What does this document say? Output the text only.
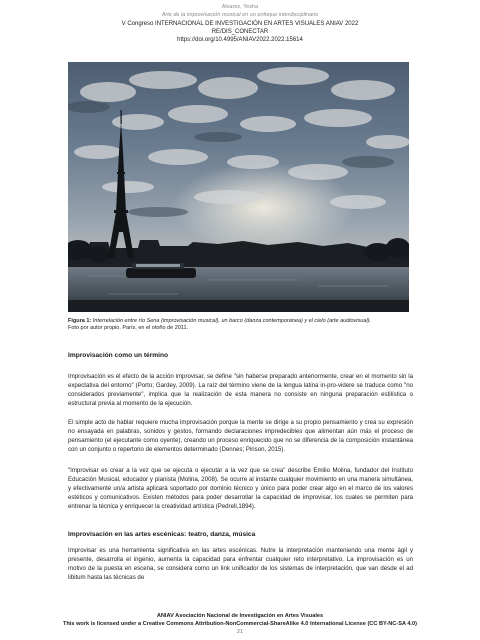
Alvarez, Yesha
Arte de la improvisación musical en un enfoque interdisciplinario
V Congreso INTERNACIONAL DE INVESTIGACIÓN EN ARTES VISUALES ANIAV 2022
RE/DIS_CONECTAR
https://doi.org/10.4995/ANIAV2022.2022.15614
Figura 1: Interrelación entre río Sena (improvisación musical), un barco (danza contemporánea) y el cielo (arte audiovisual).
Foto por autor propio. París, en el otoño de 2011.
Improvisación como un término
Improvisación es el efecto de la acción improvisar, se define "sin haberse preparado anteriormente, crear en el momento sin la expectativa del entorno" (Porto; Gardey, 2009). La raíz del término viene de la lengua latina in-pro-videre se traduce como "no considerados previamente", implica que la realización de esta manera no consiste en ninguna preparación estilística o estructural previa al momento de la ejecución.
El simple acto de hablar requiere mucha improvisación porque la mente se dirige a su propio pensamiento y crea su expresión no ensayada en palabras, sonidos y gestos, formando declaraciones impredecibles que alimentan aún más el proceso de pensamiento (el ejecutante como oyente), creando un proceso enriquecido que no se diferencia de la composición instantánea con un conjunto o repertorio de elementos determinado (Dennes; Pinson, 2015).
"Improvisar es crear a la vez que se ejecuta o ejecutar a la vez que se crea" describe Emilio Molina, fundador del Instituto Educación Musical, educador y pianista (Molina, 2008). Se ocurre al instante cualquier movimiento en una manera simultánea, y efectivamente un/a artista aplicará soportado por dominio técnico y único para poder crear algo en el marco de los valores estéticos y comunicativos. Existen métodos para poder desarrollar la capacidad de improvisar, los cuales se permiten para entrenar la técnica y enriquecer la creatividad artística (Pedrell,1894).
Improvisación en las artes escénicas: teatro, danza, música
Improvisar es una herramienta significativa en las artes escénicas. Nutre la interpretación manteniendo una mente ágil y presente, desarrolla el ingenio, aumenta la capacidad para enfrentar cualquier reto interpretativo. La improvisación es un motivo de la puesta en escena, se considera como un link unificador de los sistemas de interpretación, que van desde el ad libitum hasta las técnicas de
ANIAV Asociación Nacional de Investigación en Artes Visuales
This work is licensed under a Creative Commons Attribution-NonCommercial-ShareAlike 4.0 International License (CC BY-NC-SA 4.0)
21
